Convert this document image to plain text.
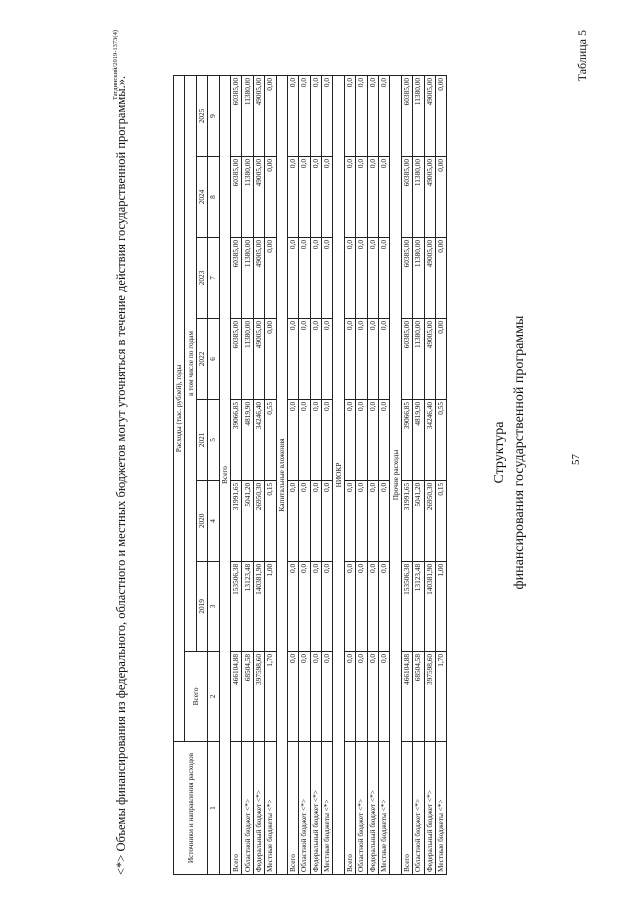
57
Таблица 5
Структура финансирования государственной программы
Источники и направления расходов	Расходы (тыс. рублей), годы							
	Всего	в том числе по годам						
		2019	2020	2021	2022	2023	2024	2025
1	2	3	4	5	6	7	8	9
Всего								
Всего	466104,88	153506,38	31991,65	39066,85	60385,00	60385,00	60385,00	60385,00
Областной бюджет <*>	68504,58	13123,48	5041,20	4819,90	11380,00	11380,00	11380,00	11380,00
Федеральный бюджет <*>	397598,60	140381,90	26950,30	34246,40	49005,00	49005,00	49005,00	49005,00
Местные бюджеты <*>	1,70	1,00	0,15	0,55	0,00	0,00	0,00	0,00
Капитальные вложения								
Всего	0,0	0,0	0,0	0,0	0,0	0,0	0,0	0,0
Областной бюджет <*>	0,0	0,0	0,0	0,0	0,0	0,0	0,0	0,0
Федеральный бюджет <*>	0,0	0,0	0,0	0,0	0,0	0,0	0,0	0,0
Местные бюджеты <*>	0,0	0,0	0,0	0,0	0,0	0,0	0,0	0,0
НИОКР								
Всего	0,0	0,0	0,0	0,0	0,0	0,0	0,0	0,0
Областной бюджет <*>	0,0	0,0	0,0	0,0	0,0	0,0	0,0	0,0
Федеральный бюджет <*>	0,0	0,0	0,0	0,0	0,0	0,0	0,0	0,0
Местные бюджеты <*>	0,0	0,0	0,0	0,0	0,0	0,0	0,0	0,0
Прочие расходы								
Всего	466104,88	153506,38	31991,65	39066,85	60385,00	60385,00	60385,00	60385,00
Областной бюджет <*>	68504,58	13123,48	5041,20	4819,90	11380,00	11380,00	11380,00	11380,00
Федеральный бюджет <*>	397598,60	140381,90	26950,30	34246,40	49005,00	49005,00	49005,00	49005,00
Местные бюджеты <*>	1,70	1,00	0,15	0,55	0,00	0,00	0,00	0,00
<*> Объемы финансирования из федерального, областного и местных бюджетов могут уточняться в течение действия государственной программы.».
Татдинский/2019-1373(4)
